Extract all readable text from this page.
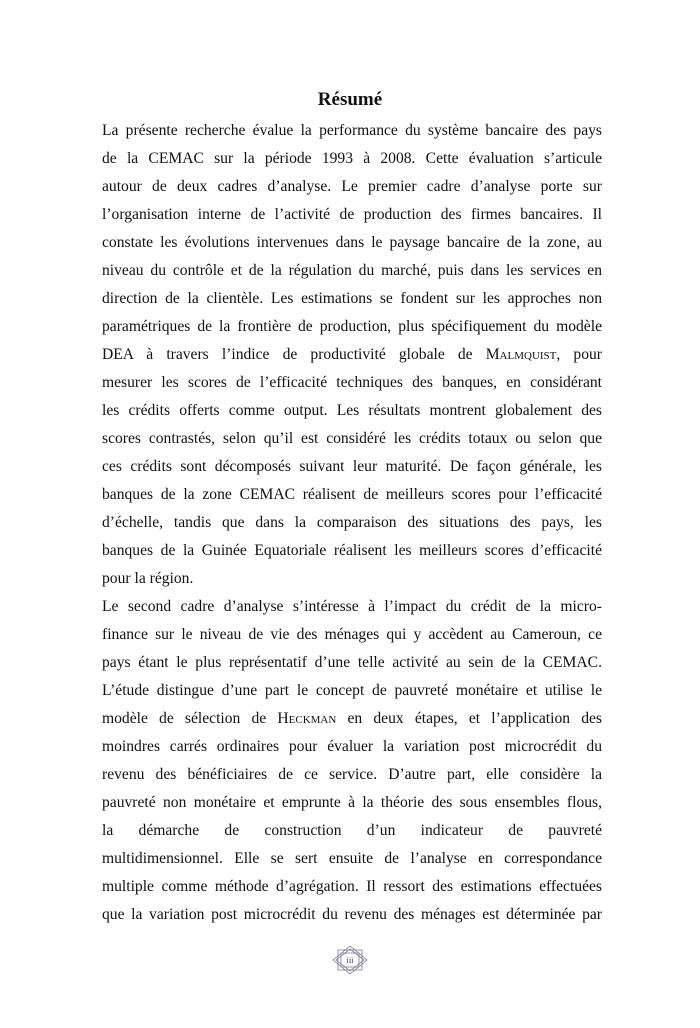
Résumé
La présente recherche évalue la performance du système bancaire des pays
de la CEMAC sur la période 1993 à 2008. Cette évaluation s’articule
autour de deux cadres d’analyse. Le premier cadre d’analyse porte sur
l’organisation interne de l’activité de production des firmes bancaires. Il
constate les évolutions intervenues dans le paysage bancaire de la zone, au
niveau du contrôle et de la régulation du marché, puis dans les services en
direction de la clientèle. Les estimations se fondent sur les approches non
paramétriques de la frontière de production, plus spécifiquement du modèle
DEA à travers l’indice de productivité globale de Malmquist, pour
mesurer les scores de l’efficacité techniques des banques, en considérant
les crédits offerts comme output. Les résultats montrent globalement des
scores contrastés, selon qu’il est considéré les crédits totaux ou selon que
ces crédits sont décomposés suivant leur maturité. De façon générale, les
banques de la zone CEMAC réalisent de meilleurs scores pour l’efficacité
d’échelle, tandis que dans la comparaison des situations des pays, les
banques de la Guinée Equatoriale réalisent les meilleurs scores d’efficacité
pour la région.
Le second cadre d’analyse s’intéresse à l’impact du crédit de la micro-
finance sur le niveau de vie des ménages qui y accèdent au Cameroun, ce
pays étant le plus représentatif d’une telle activité au sein de la CEMAC.
L’étude distingue d’une part le concept de pauvreté monétaire et utilise le
modèle de sélection de Heckman en deux étapes, et l’application des
moindres carrés ordinaires pour évaluer la variation post microcrédit du
revenu des bénéficiaires de ce service. D’autre part, elle considère la
pauvreté non monétaire et emprunte à la théorie des sous ensembles flous,
la démarche de construction d’un indicateur de pauvreté
multidimensionnel. Elle se sert ensuite de l’analyse en correspondance
multiple comme méthode d’agrégation. Il ressort des estimations effectuées
que la variation post microcrédit du revenu des ménages est déterminée par
iii
